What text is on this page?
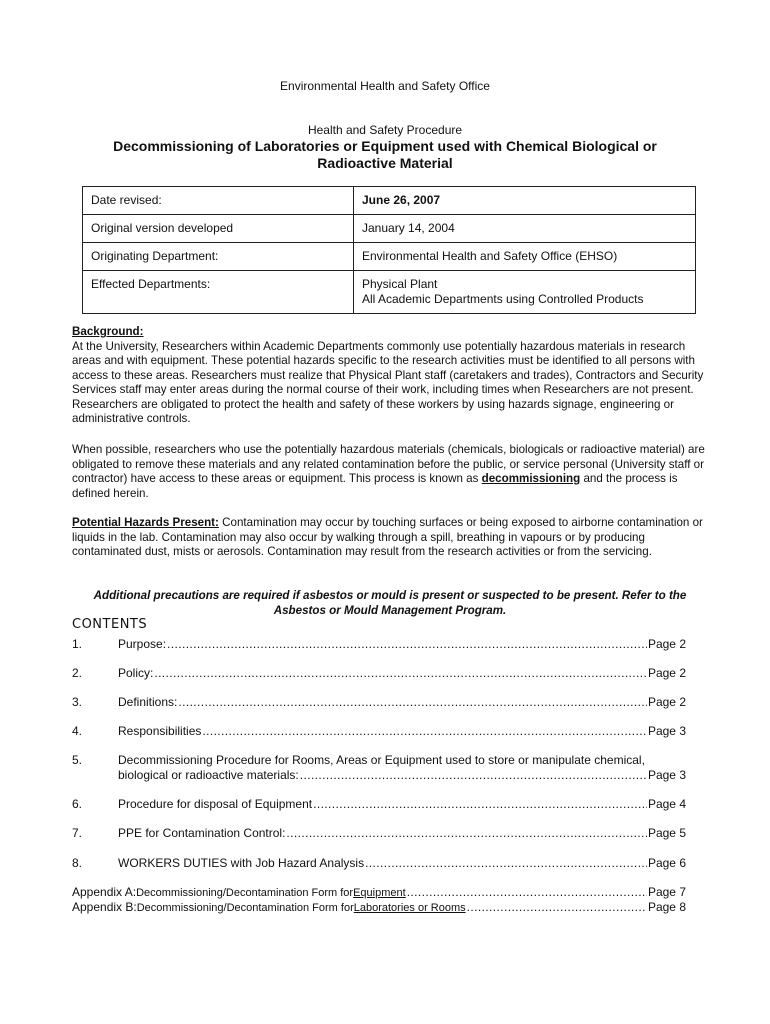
Environmental Health and Safety Office
Health and Safety Procedure
Decommissioning of Laboratories or Equipment used with Chemical Biological or Radioactive Material
Date revised:	June 26, 2007
Original version developed	January 14, 2004
Originating Department:	Environmental Health and Safety Office (EHSO)
Effected Departments:	Physical Plant
All Academic Departments using Controlled Products
Background:
At the University, Researchers within Academic Departments commonly use potentially hazardous materials in research areas and with equipment. These potential hazards specific to the research activities must be identified to all persons with access to these areas. Researchers must realize that Physical Plant staff (caretakers and trades), Contractors and Security Services staff may enter areas during the normal course of their work, including times when Researchers are not present. Researchers are obligated to protect the health and safety of these workers by using hazards signage, engineering or administrative controls.
When possible, researchers who use the potentially hazardous materials (chemicals, biologicals or radioactive material) are obligated to remove these materials and any related contamination before the public, or service personal (University staff or contractor) have access to these areas or equipment. This process is known as decommissioning and the process is defined herein.
Potential Hazards Present: Contamination may occur by touching surfaces or being exposed to airborne contamination or liquids in the lab. Contamination may also occur by walking through a spill, breathing in vapours or by producing contaminated dust, mists or aerosols. Contamination may result from the research activities or from the servicing.
Additional precautions are required if asbestos or mould is present or suspected to be present. Refer to the Asbestos or Mould Management Program.
CONTENTS
1.	Purpose: .....	Page 2
2.	Policy: .....	Page 2
3.	Definitions: .....	Page 2
4.	Responsibilities .....	Page 3
5.	Decommissioning Procedure for Rooms, Areas or Equipment used to store or manipulate chemical,
biological or radioactive materials: .....	Page 3
6.	Procedure for disposal of Equipment .....	Page 4
7.	PPE for Contamination Control: .....	Page 5
8.	WORKERS DUTIES with Job Hazard Analysis .....	Page 6
Appendix A: Decommissioning/Decontamination Form for Equipment .....	Page 7
Appendix B: Decommissioning/Decontamination Form for Laboratories or Rooms .....	Page 8
